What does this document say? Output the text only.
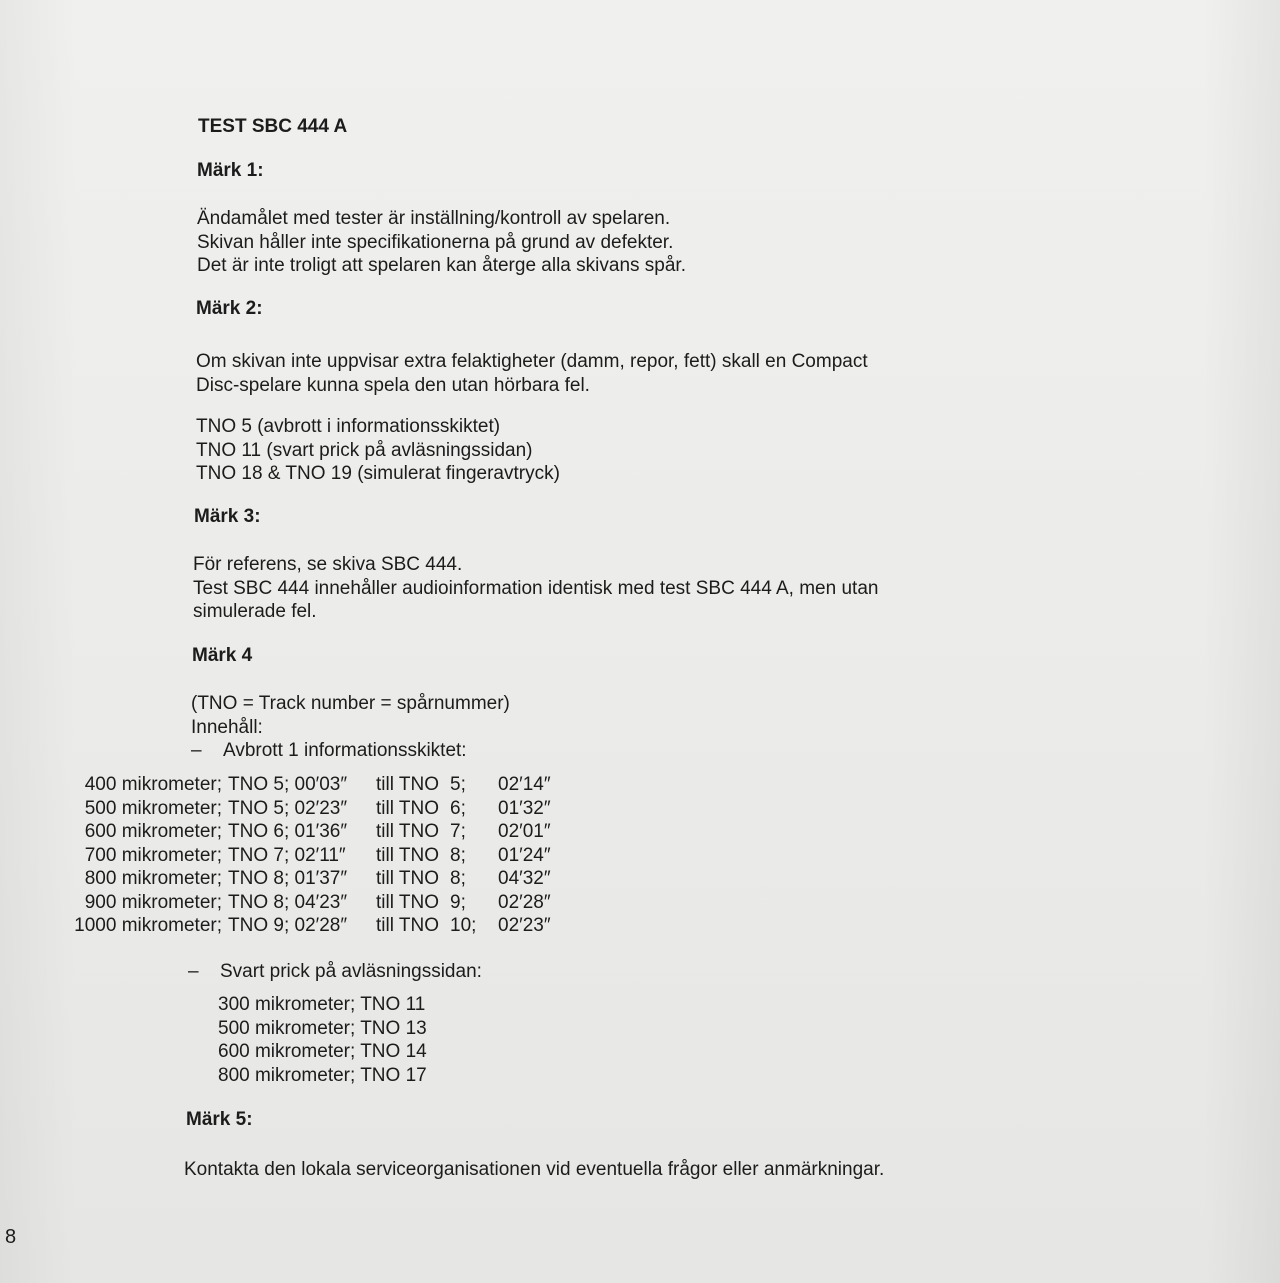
TEST SBC 444 A
Märk 1:

Ändamålet med tester är inställning/kontroll av spelaren.

Skivan håller inte specifikationerna på grund av defekter.

Det är inte troligt att spelaren kan återge alla skivans spår.

Märk 2:

Om skivan inte uppvisar extra felaktigheter (damm, repor, fett) skall en Compact

Disc-spelare kunna spela den utan hörbara fel.

TNO 5 (avbrott i informationsskiktet)

TNO 11 (svart prick på avläsningssidan)

TNO 18 & TNO 19 (simulerat fingeravtryck)

Märk 3:

För referens, se skiva SBC 444.

Test SBC 444 innehåller audioinformation identisk med test SBC 444 A, men utan

simulerade fel.

Märk 4

(TNO = Track number = spårnummer)

Innehåll:

– Avbrott 1 informationsskiktet:

400 mikrometer; TNO 5; 00′03″	till TNO 5;	02′14″
500 mikrometer; TNO 5; 02′23″	till TNO 6;	01′32″
600 mikrometer; TNO 6; 01′36″	till TNO 7;	02′01″
700 mikrometer; TNO 7; 02′11″	till TNO 8;	01′24″
800 mikrometer; TNO 8; 01′37″	till TNO 8;	04′32″
900 mikrometer; TNO 8; 04′23″	till TNO 9;	02′28″
1000 mikrometer; TNO 9; 02′28″	till TNO 10;	02′23″
– Svart prick på avläsningssidan:

300 mikrometer; TNO 11

500 mikrometer; TNO 13

600 mikrometer; TNO 14

800 mikrometer; TNO 17

Märk 5:
Kontakta den lokala serviceorganisationen vid eventuella frågor eller anmärkningar.
8
